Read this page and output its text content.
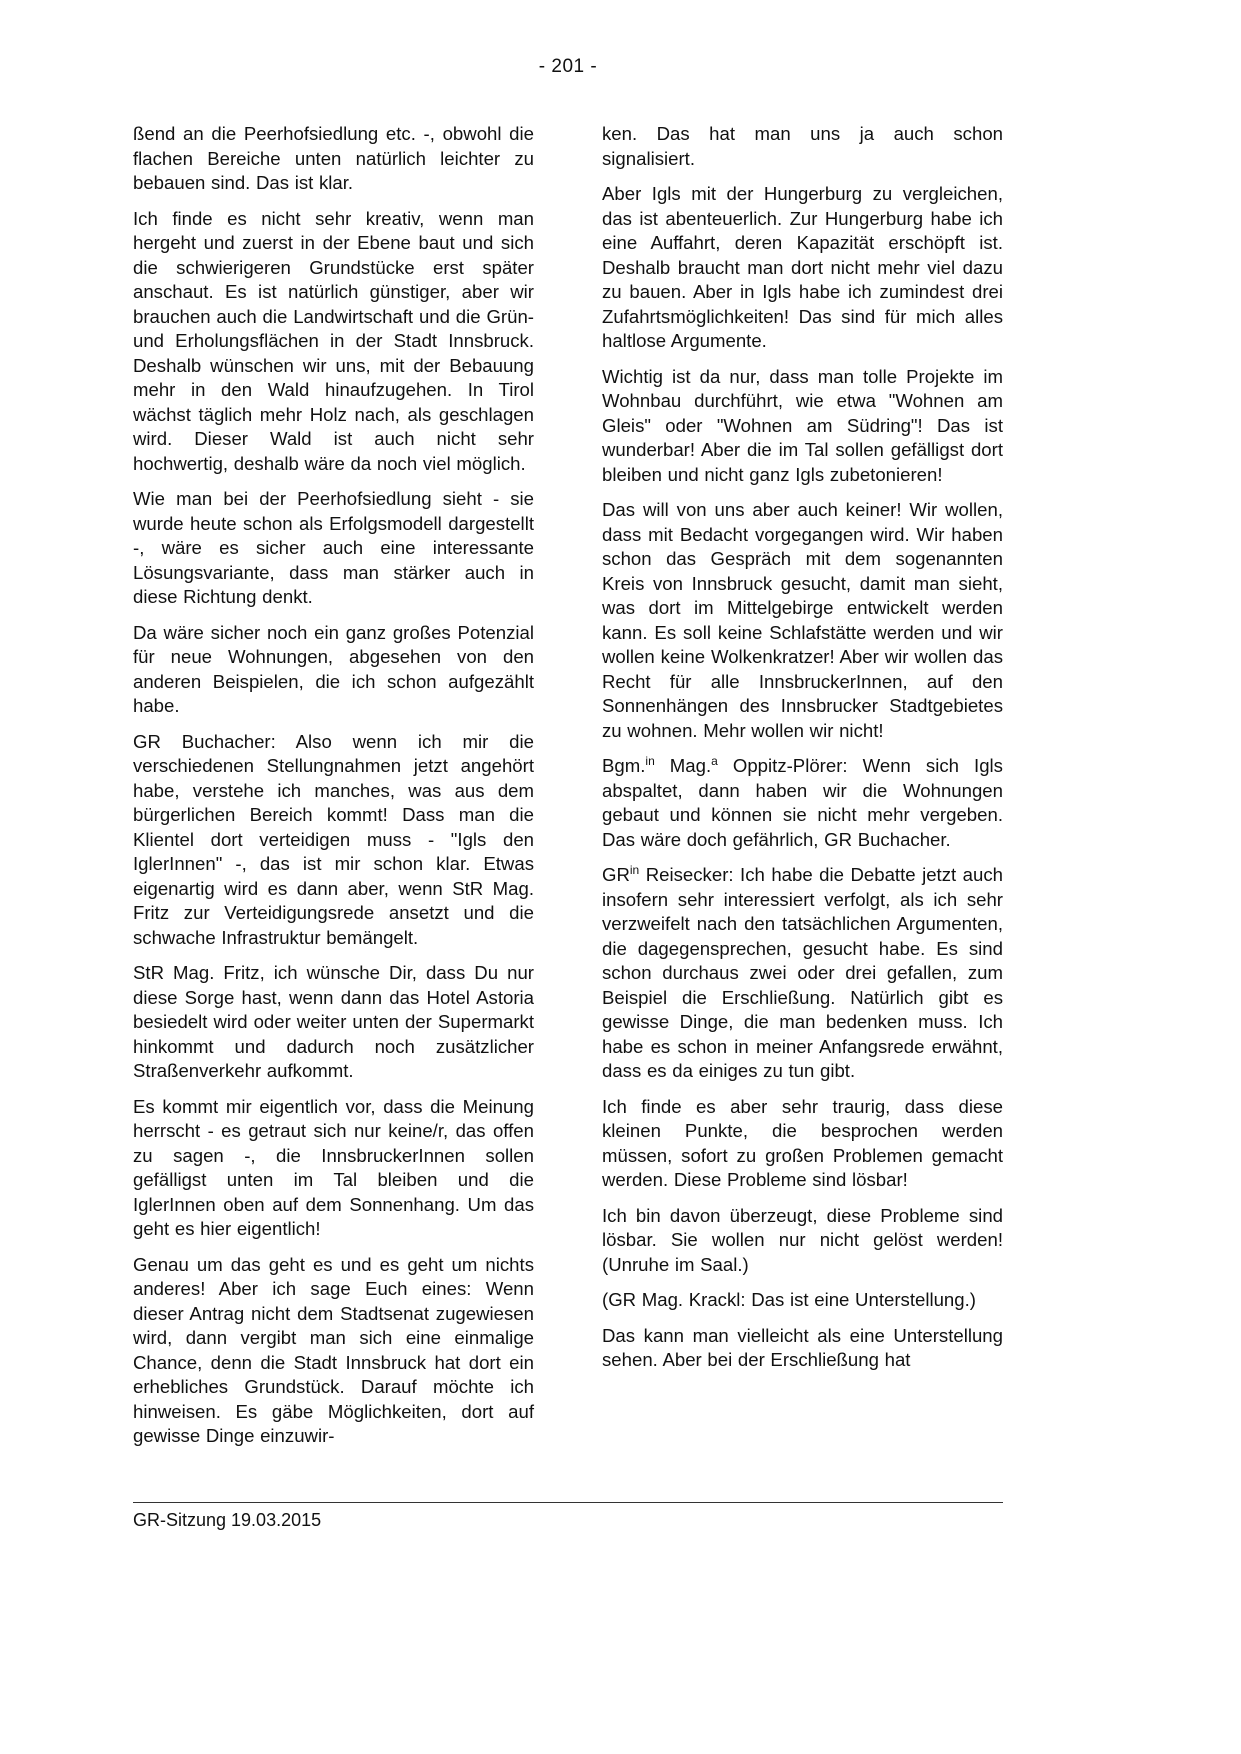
- 201 -

ßend an die Peerhofsiedlung etc. -, obwohl die flachen Bereiche unten natürlich leichter zu bebauen sind. Das ist klar.

Ich finde es nicht sehr kreativ, wenn man hergeht und zuerst in der Ebene baut und sich die schwierigeren Grundstücke erst später anschaut. Es ist natürlich günstiger, aber wir brauchen auch die Landwirtschaft und die Grün- und Erholungsflächen in der Stadt Innsbruck. Deshalb wünschen wir uns, mit der Bebauung mehr in den Wald hinaufzugehen. In Tirol wächst täglich mehr Holz nach, als geschlagen wird. Dieser Wald ist auch nicht sehr hochwertig, deshalb wäre da noch viel möglich.

Wie man bei der Peerhofsiedlung sieht - sie wurde heute schon als Erfolgsmodell dargestellt -, wäre es sicher auch eine interessante Lösungsvariante, dass man stärker auch in diese Richtung denkt.

Da wäre sicher noch ein ganz großes Potenzial für neue Wohnungen, abgesehen von den anderen Beispielen, die ich schon aufgezählt habe.

GR Buchacher: Also wenn ich mir die verschiedenen Stellungnahmen jetzt angehört habe, verstehe ich manches, was aus dem bürgerlichen Bereich kommt! Dass man die Klientel dort verteidigen muss - "Igls den IglerInnen" -, das ist mir schon klar. Etwas eigenartig wird es dann aber, wenn StR Mag. Fritz zur Verteidigungsrede ansetzt und die schwache Infrastruktur bemängelt.

StR Mag. Fritz, ich wünsche Dir, dass Du nur diese Sorge hast, wenn dann das Hotel Astoria besiedelt wird oder weiter unten der Supermarkt hinkommt und dadurch noch zusätzlicher Straßenverkehr aufkommt.

Es kommt mir eigentlich vor, dass die Meinung herrscht - es getraut sich nur keine/r, das offen zu sagen -, die InnsbruckerInnen sollen gefälligst unten im Tal bleiben und die IglerInnen oben auf dem Sonnenhang. Um das geht es hier eigentlich!

Genau um das geht es und es geht um nichts anderes! Aber ich sage Euch eines: Wenn dieser Antrag nicht dem Stadtsenat zugewiesen wird, dann vergibt man sich eine einmalige Chance, denn die Stadt Innsbruck hat dort ein erhebliches Grundstück. Darauf möchte ich hinweisen. Es gäbe Möglichkeiten, dort auf gewisse Dinge einzuwir-

ken. Das hat man uns ja auch schon signalisiert.

Aber Igls mit der Hungerburg zu vergleichen, das ist abenteuerlich. Zur Hungerburg habe ich eine Auffahrt, deren Kapazität erschöpft ist. Deshalb braucht man dort nicht mehr viel dazu zu bauen. Aber in Igls habe ich zumindest drei Zufahrtsmöglichkeiten! Das sind für mich alles haltlose Argumente.

Wichtig ist da nur, dass man tolle Projekte im Wohnbau durchführt, wie etwa "Wohnen am Gleis" oder "Wohnen am Südring"! Das ist wunderbar! Aber die im Tal sollen gefälligst dort bleiben und nicht ganz Igls zubetonieren!

Das will von uns aber auch keiner! Wir wollen, dass mit Bedacht vorgegangen wird. Wir haben schon das Gespräch mit dem sogenannten Kreis von Innsbruck gesucht, damit man sieht, was dort im Mittelgebirge entwickelt werden kann. Es soll keine Schlafstätte werden und wir wollen keine Wolkenkratzer! Aber wir wollen das Recht für alle InnsbruckerInnen, auf den Sonnenhängen des Innsbrucker Stadtgebietes zu wohnen. Mehr wollen wir nicht!

Bgm.$^{in}$ Mag.$^a$ Oppitz-Plörer: Wenn sich Igls abspaltet, dann haben wir die Wohnungen gebaut und können sie nicht mehr vergeben. Das wäre doch gefährlich, GR Buchacher.

$GR^{in}$ Reisecker: Ich habe die Debatte jetzt auch insofern sehr interessiert verfolgt, als ich sehr verzweifelt nach den tatsächlichen Argumenten, die dagegensprechen, gesucht habe. Es sind schon durchaus zwei oder drei gefallen, zum Beispiel die Erschließung. Natürlich gibt es gewisse Dinge, die man bedenken muss. Ich habe es schon in meiner Anfangsrede erwähnt, dass es da einiges zu tun gibt.

Ich finde es aber sehr traurig, dass diese kleinen Punkte, die besprochen werden müssen, sofort zu großen Problemen gemacht werden. Diese Probleme sind lösbar!

Ich bin davon überzeugt, diese Probleme sind lösbar. Sie wollen nur nicht gelöst werden! (Unruhe im Saal.)

(GR Mag. Krackl: Das ist eine Unterstellung.)

Das kann man vielleicht als eine Unterstellung sehen. Aber bei der Erschließung hat

GR-Sitzung 19.03.2015
